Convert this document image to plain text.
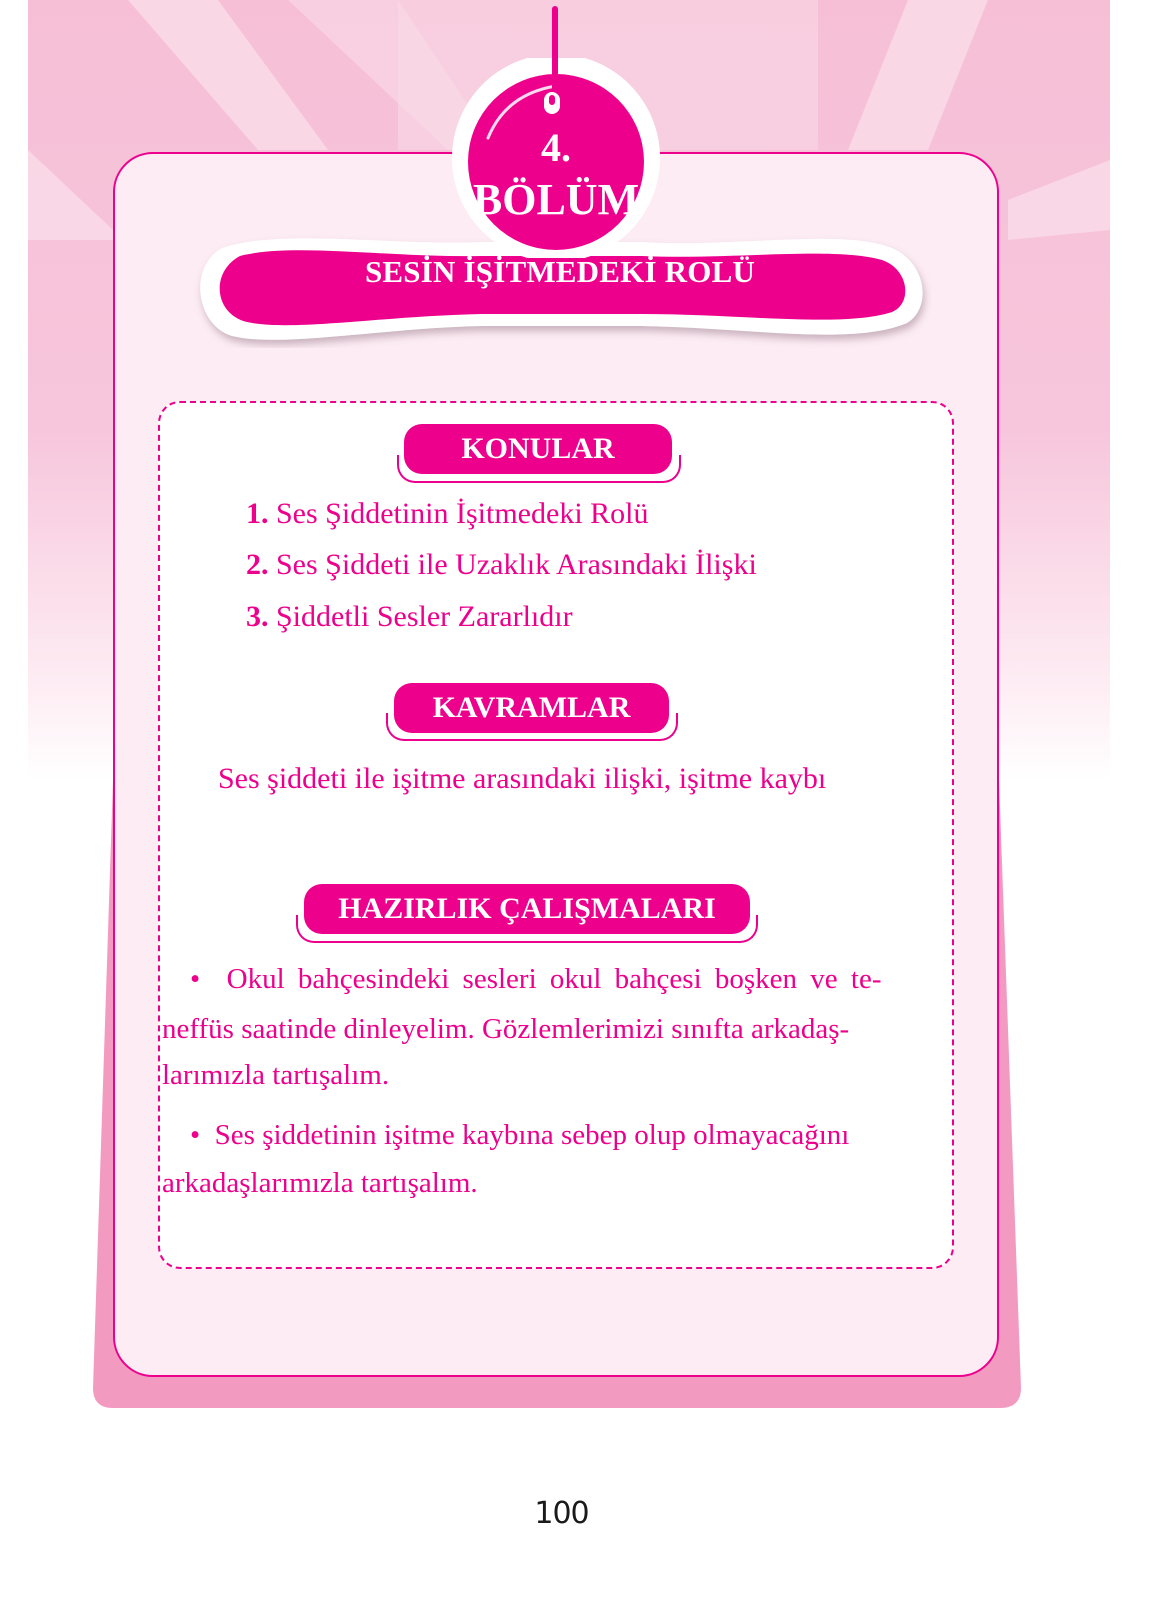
4.
BÖLÜM
SESİN İŞİTMEDEKİ ROLÜ
KONULAR
1. Ses Şiddetinin İşitmedeki Rolü
2. Ses Şiddeti ile Uzaklık Arasındaki İlişki
3. Şiddetli Sesler Zararlıdır
KAVRAMLAR
Ses şiddeti ile işitme arasındaki ilişki, işitme kaybı
HAZIRLIK ÇALIŞMALARI
• Okul bahçesindeki sesleri okul bahçesi boşken ve te-
neffüs saatinde dinleyelim. Gözlemlerimizi sınıfta arkadaş-
larımızla tartışalım.
• Ses şiddetinin işitme kaybına sebep olup olmayacağını
arkadaşlarımızla tartışalım.
100
